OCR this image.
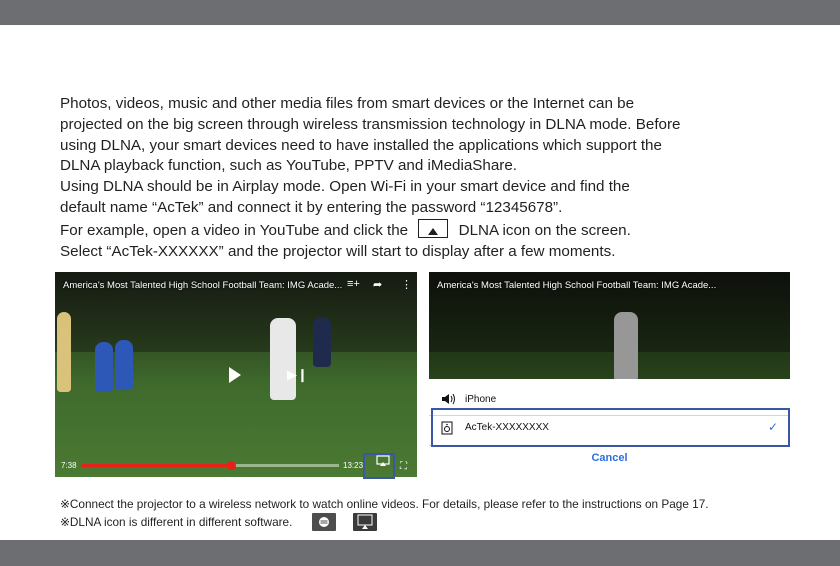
Photos, videos, music and other media files from smart devices or the Internet can be

projected on the big screen through wireless transmission technology in DLNA mode. Before

using DLNA, your smart devices need to have installed the applications which support the

DLNA playback function, such as YouTube, PPTV and iMediaShare.

Using DLNA should be in Airplay mode. Open Wi-Fi in your smart device and find the

default name “AcTek” and connect it by entering the password “12345678”.

For example, open a video in YouTube and click the	DLNA icon on the screen.

Select “AcTek-XXXXXX” and the projector will start to display after a few moments.

America's Most Talented High School Football Team: IMG Acade... ≡+ ➦ ⋮
▶❙
7:38	13:23	⛶
America's Most Talented High School Football Team: IMG Acade...
iPhone
AcTek-XXXXXXXX	✓
Cancel

※Connect the projector to a wireless network to watch online videos. For details, please refer to the instructions on Page 17.

※DLNA icon is different in different software.
